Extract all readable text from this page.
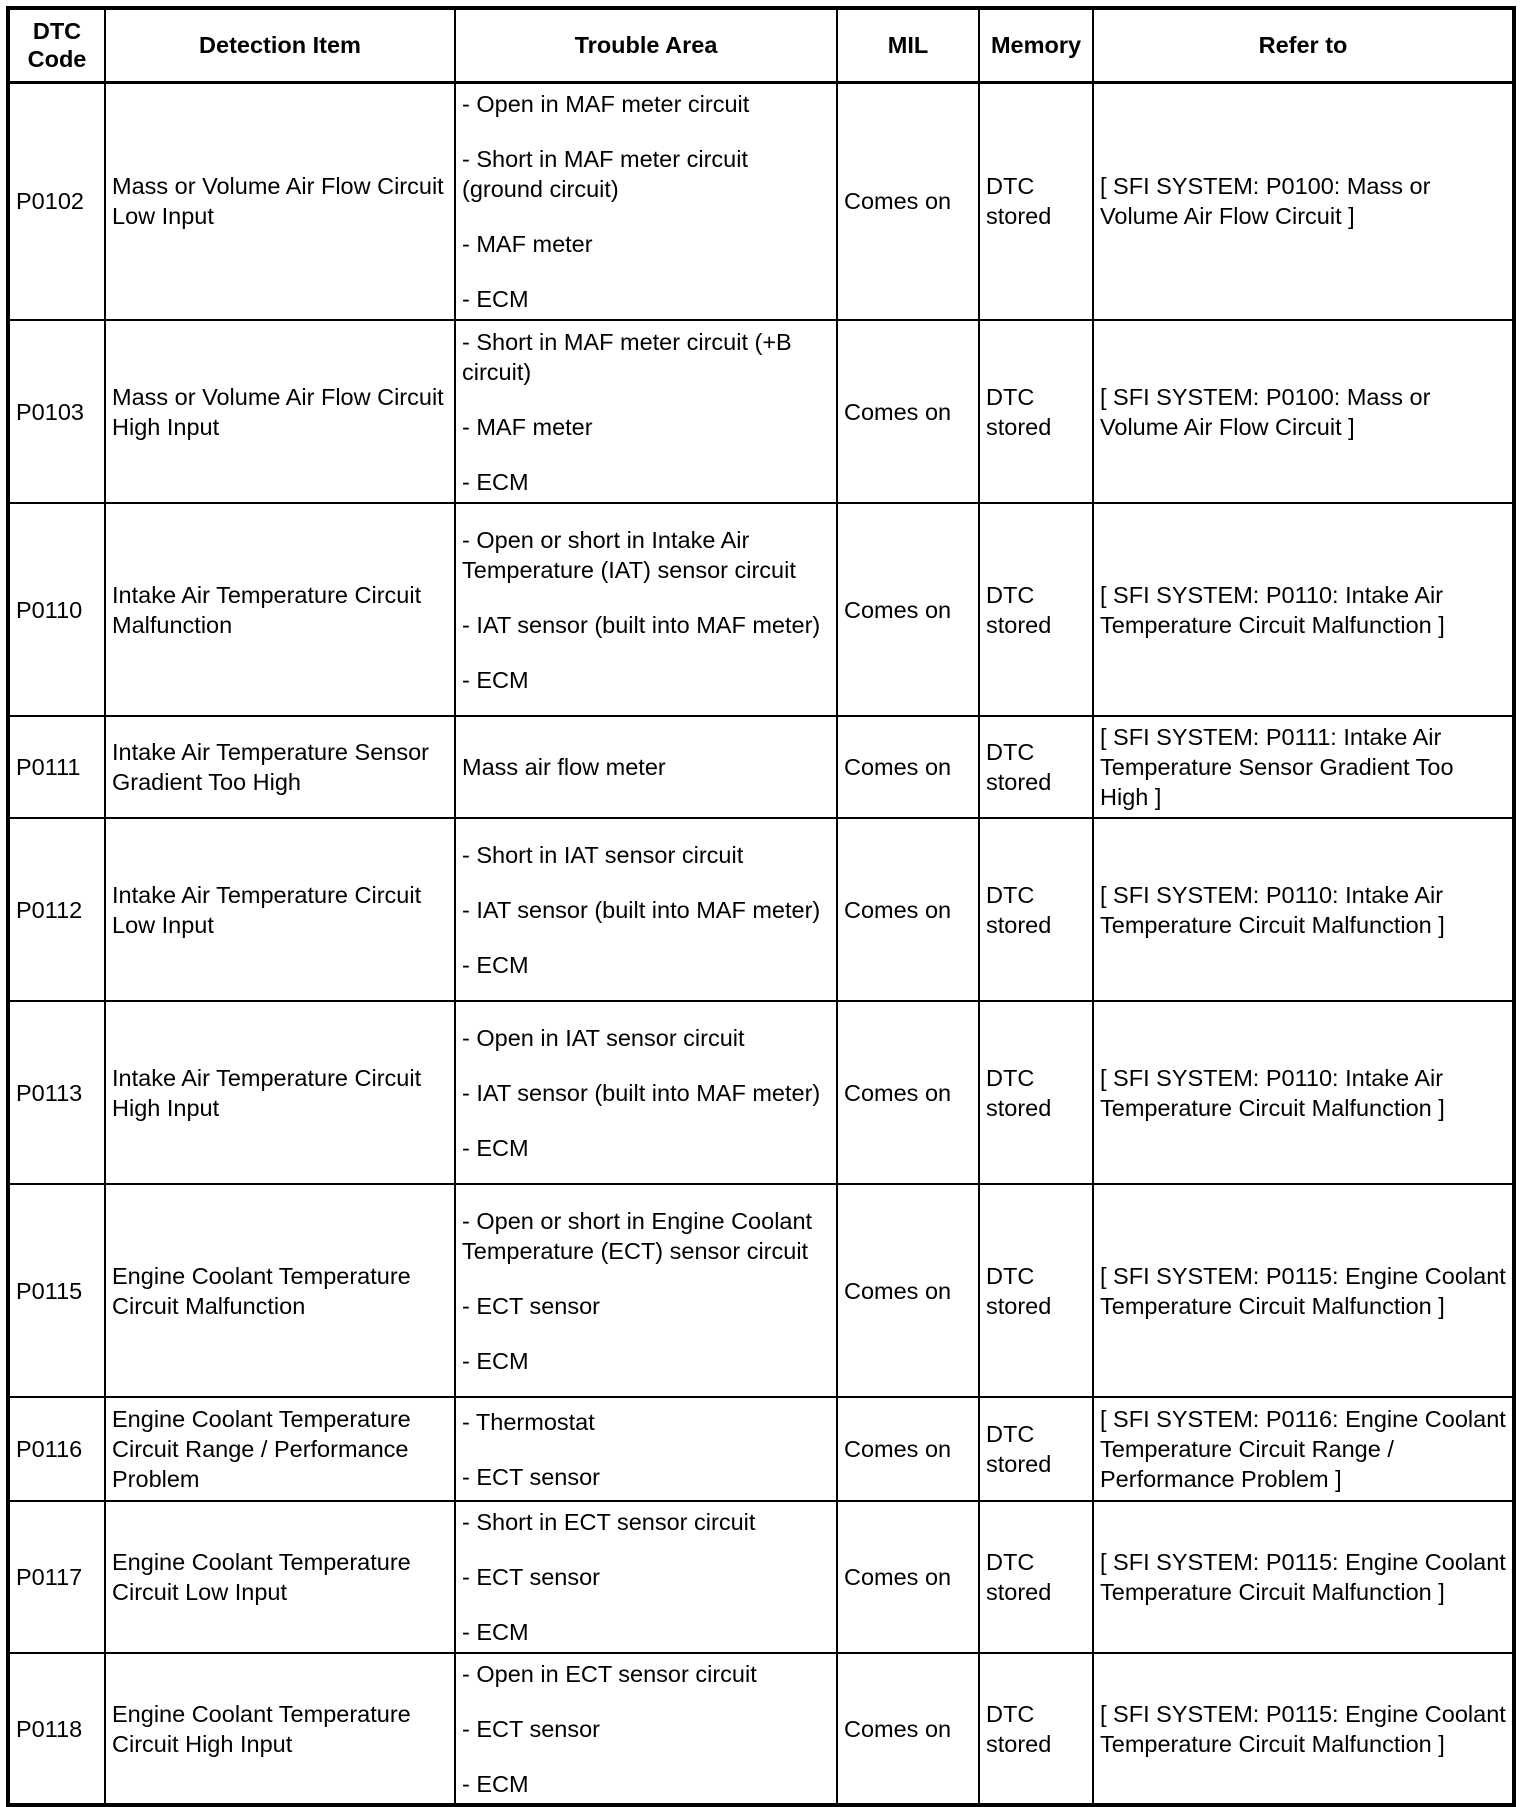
DTC Code	Detection Item	Trouble Area	MIL	Memory	Refer to
P0102	Mass or Volume Air Flow Circuit Low Input	- Open in MAF meter circuit
- Short in MAF meter circuit (ground circuit)
- MAF meter
- ECM	Comes on	DTC stored	[ SFI SYSTEM: P0100: Mass or Volume Air Flow Circuit ]
P0103	Mass or Volume Air Flow Circuit High Input	- Short in MAF meter circuit (+B circuit)
- MAF meter
- ECM	Comes on	DTC stored	[ SFI SYSTEM: P0100: Mass or Volume Air Flow Circuit ]
P0110	Intake Air Temperature Circuit Malfunction	- Open or short in Intake Air Temperature (IAT) sensor circuit
- IAT sensor (built into MAF meter)
- ECM	Comes on	DTC stored	[ SFI SYSTEM: P0110: Intake Air Temperature Circuit Malfunction ]
P0111	Intake Air Temperature Sensor Gradient Too High	Mass air flow meter	Comes on	DTC stored	[ SFI SYSTEM: P0111: Intake Air Temperature Sensor Gradient Too High ]
P0112	Intake Air Temperature Circuit Low Input	- Short in IAT sensor circuit
- IAT sensor (built into MAF meter)
- ECM	Comes on	DTC stored	[ SFI SYSTEM: P0110: Intake Air Temperature Circuit Malfunction ]
P0113	Intake Air Temperature Circuit High Input	- Open in IAT sensor circuit
- IAT sensor (built into MAF meter)
- ECM	Comes on	DTC stored	[ SFI SYSTEM: P0110: Intake Air Temperature Circuit Malfunction ]
P0115	Engine Coolant Temperature Circuit Malfunction	- Open or short in Engine Coolant Temperature (ECT) sensor circuit
- ECT sensor
- ECM	Comes on	DTC stored	[ SFI SYSTEM: P0115: Engine Coolant Temperature Circuit Malfunction ]
P0116	Engine Coolant Temperature Circuit Range / Performance Problem	- Thermostat
- ECT sensor	Comes on	DTC stored	[ SFI SYSTEM: P0116: Engine Coolant Temperature Circuit Range / Performance Problem ]
P0117	Engine Coolant Temperature Circuit Low Input	- Short in ECT sensor circuit
- ECT sensor
- ECM	Comes on	DTC stored	[ SFI SYSTEM: P0115: Engine Coolant Temperature Circuit Malfunction ]
P0118	Engine Coolant Temperature Circuit High Input	- Open in ECT sensor circuit
- ECT sensor
- ECM	Comes on	DTC stored	[ SFI SYSTEM: P0115: Engine Coolant Temperature Circuit Malfunction ]
